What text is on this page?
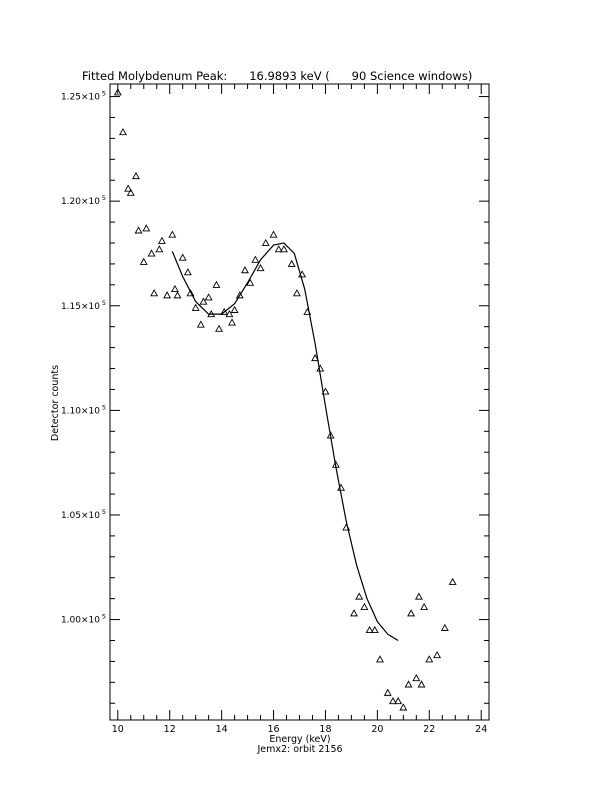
Fitted Molybdenum Peak:      16.9893 keV (      90 Science windows)
10	12	14	16	18	20	22	24
1.00×10 5
1.05×10 5
1.10×10 5
1.15×10 5
1.20×10 5
1.25×10 5
Energy (keV)
Jemx2: orbit 2156
Detector counts
